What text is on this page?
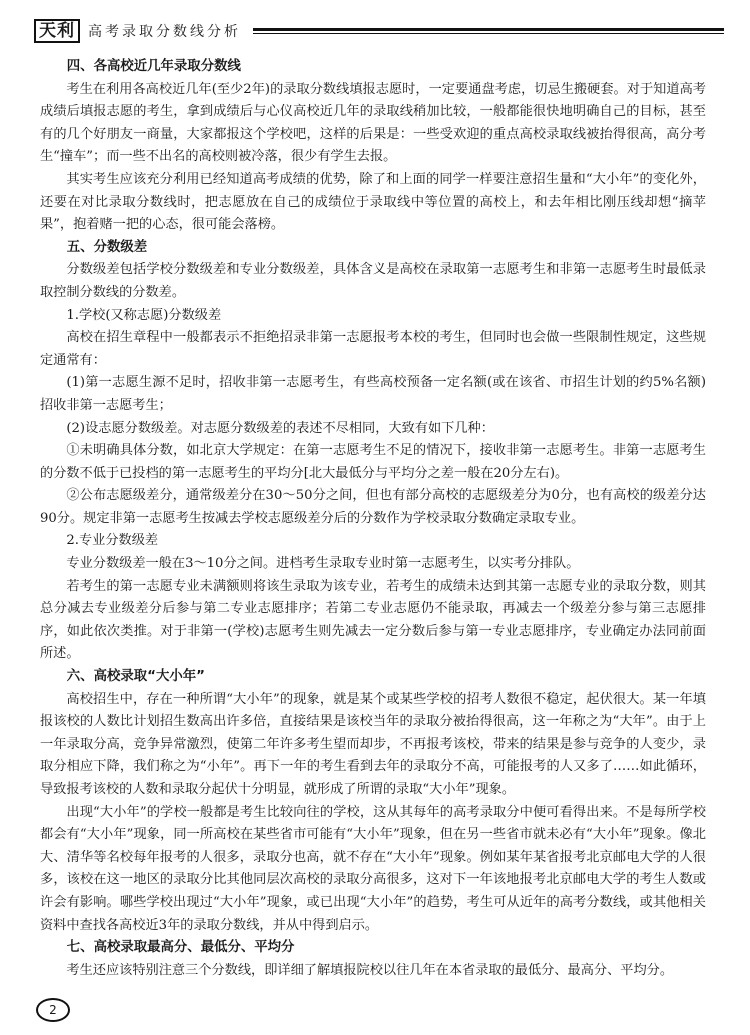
天利 高考录取分数线分析
四、各高校近几年录取分数线

考生在利用各高校近几年(至少2年)的录取分数线填报志愿时，一定要通盘考虑，切忌生搬硬套。对于知道高考成绩后填报志愿的考生，拿到成绩后与心仪高校近几年的录取线稍加比较，一般都能很快地明确自己的目标，甚至有的几个好朋友一商量，大家都报这个学校吧，这样的后果是：一些受欢迎的重点高校录取线被抬得很高，高分考生“撞车”；而一些不出名的高校则被冷落，很少有学生去报。

其实考生应该充分利用已经知道高考成绩的优势，除了和上面的同学一样要注意招生量和“大小年”的变化外，还要在对比录取分数线时，把志愿放在自己的成绩位于录取线中等位置的高校上，和去年相比刚压线却想“摘苹果”，抱着赌一把的心态，很可能会落榜。

五、分数级差

分数级差包括学校分数级差和专业分数级差，具体含义是高校在录取第一志愿考生和非第一志愿考生时最低录取控制分数线的分数差。

1.学校(又称志愿)分数级差

高校在招生章程中一般都表示不拒绝招录非第一志愿报考本校的考生，但同时也会做一些限制性规定，这些规定通常有：

(1)第一志愿生源不足时，招收非第一志愿考生，有些高校预备一定名额(或在该省、市招生计划的约5%名额)招收非第一志愿考生；

(2)设志愿分数级差。对志愿分数级差的表述不尽相同，大致有如下几种：

①未明确具体分数，如北京大学规定：在第一志愿考生不足的情况下，接收非第一志愿考生。非第一志愿考生的分数不低于已投档的第一志愿考生的平均分[北大最低分与平均分之差一般在20分左右)。

②公布志愿级差分，通常级差分在30～50分之间，但也有部分高校的志愿级差分为0分，也有高校的级差分达90分。规定非第一志愿考生按减去学校志愿级差分后的分数作为学校录取分数确定录取专业。

2.专业分数级差

专业分数级差一般在3～10分之间。进档考生录取专业时第一志愿考生，以实考分排队。

若考生的第一志愿专业未满额则将该生录取为该专业，若考生的成绩未达到其第一志愿专业的录取分数，则其总分减去专业级差分后参与第二专业志愿排序；若第二专业志愿仍不能录取，再减去一个级差分参与第三志愿排序，如此依次类推。对于非第一(学校)志愿考生则先减去一定分数后参与第一专业志愿排序，专业确定办法同前面所述。

六、高校录取“大小年”

高校招生中，存在一种所谓“大小年”的现象，就是某个或某些学校的招考人数很不稳定，起伏很大。某一年填报该校的人数比计划招生数高出许多倍，直接结果是该校当年的录取分被抬得很高，这一年称之为“大年”。由于上一年录取分高，竞争异常激烈，使第二年许多考生望而却步，不再报考该校，带来的结果是参与竞争的人变少，录取分相应下降，我们称之为“小年”。再下一年的考生看到去年的录取分不高，可能报考的人又多了……如此循环，导致报考该校的人数和录取分起伏十分明显，就形成了所谓的录取“大小年”现象。

出现“大小年”的学校一般都是考生比较向往的学校，这从其每年的高考录取分中便可看得出来。不是每所学校都会有“大小年”现象，同一所高校在某些省市可能有“大小年”现象，但在另一些省市就未必有“大小年”现象。像北大、清华等名校每年报考的人很多，录取分也高，就不存在“大小年”现象。例如某年某省报考北京邮电大学的人很多，该校在这一地区的录取分比其他同层次高校的录取分高很多，这对下一年该地报考北京邮电大学的考生人数或许会有影响。哪些学校出现过“大小年”现象，或已出现“大小年”的趋势，考生可从近年的高考分数线，或其他相关资料中查找各高校近3年的录取分数线，并从中得到启示。

七、高校录取最高分、最低分、平均分

考生还应该特别注意三个分数线，即详细了解填报院校以往几年在本省录取的最低分、最高分、平均分。

2
